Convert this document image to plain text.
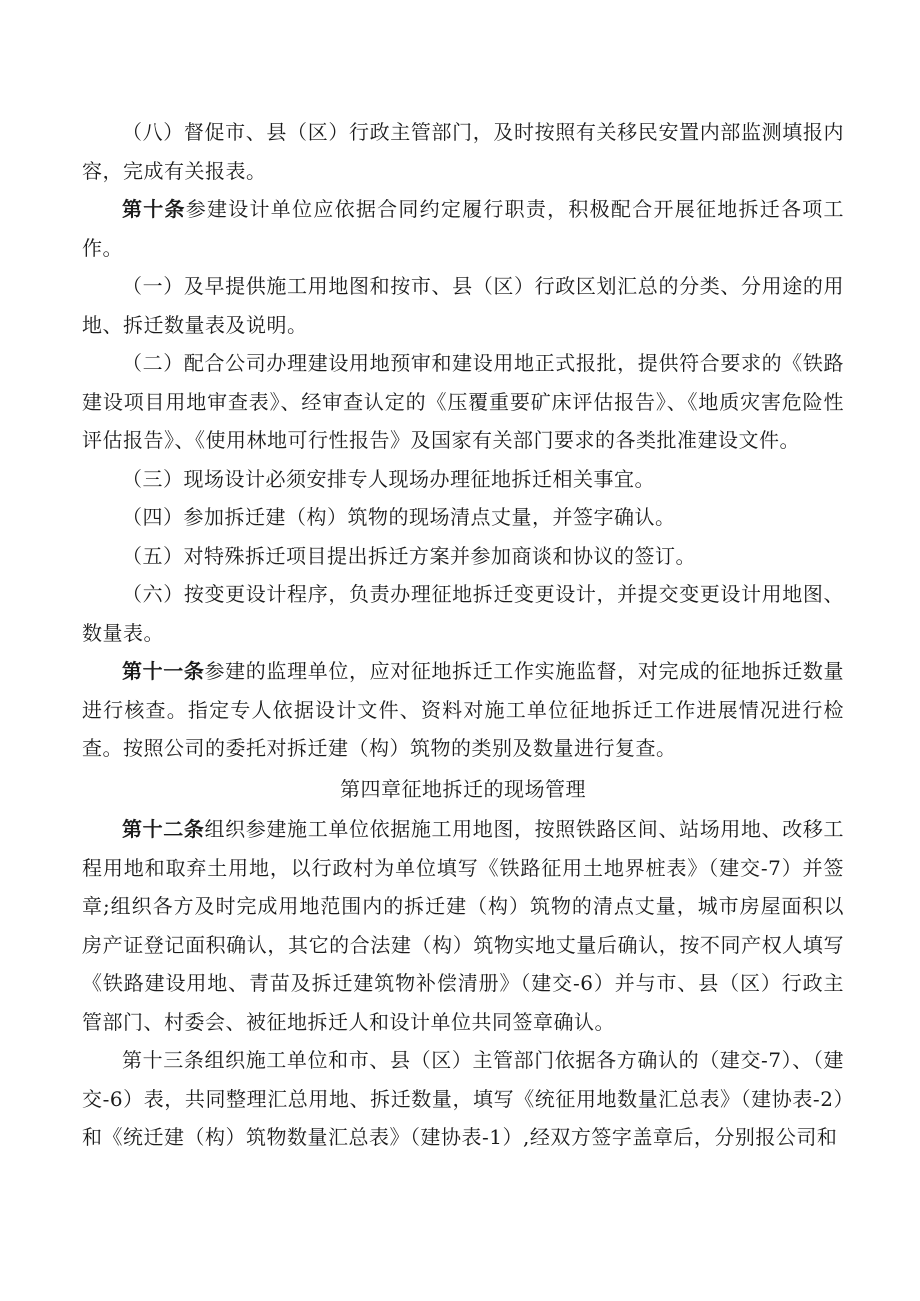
（八）督促市、县（区）行政主管部门，及时按照有关移民安置内部监测填报内容，完成有关报表。

第十条参建设计单位应依据合同约定履行职责，积极配合开展征地拆迁各项工作。

（一）及早提供施工用地图和按市、县（区）行政区划汇总的分类、分用途的用地、拆迁数量表及说明。

（二）配合公司办理建设用地预审和建设用地正式报批，提供符合要求的《铁路建设项目用地审查表》、经审查认定的《压覆重要矿床评估报告》、《地质灾害危险性评估报告》、《使用林地可行性报告》及国家有关部门要求的各类批准建设文件。

（三）现场设计必须安排专人现场办理征地拆迁相关事宜。

（四）参加拆迁建（构）筑物的现场清点丈量，并签字确认。

（五）对特殊拆迁项目提出拆迁方案并参加商谈和协议的签订。

（六）按变更设计程序，负责办理征地拆迁变更设计，并提交变更设计用地图、数量表。

第十一条参建的监理单位，应对征地拆迁工作实施监督，对完成的征地拆迁数量进行核查。指定专人依据设计文件、资料对施工单位征地拆迁工作进展情况进行检查。按照公司的委托对拆迁建（构）筑物的类别及数量进行复查。

第四章征地拆迁的现场管理

第十二条组织参建施工单位依据施工用地图，按照铁路区间、站场用地、改移工程用地和取弃土用地，以行政村为单位填写《铁路征用土地界桩表》（建交-7）并签章;组织各方及时完成用地范围内的拆迁建（构）筑物的清点丈量，城市房屋面积以房产证登记面积确认，其它的合法建（构）筑物实地丈量后确认，按不同产权人填写《铁路建设用地、青苗及拆迁建筑物补偿清册》（建交-6）并与市、县（区）行政主管部门、村委会、被征地拆迁人和设计单位共同签章确认。

第十三条组织施工单位和市、县（区）主管部门依据各方确认的（建交-7）、（建交-6）表，共同整理汇总用地、拆迁数量，填写《统征用地数量汇总表》（建协表-2）和《统迁建（构）筑物数量汇总表》（建协表-1）,经双方签字盖章后，分别报公司和
